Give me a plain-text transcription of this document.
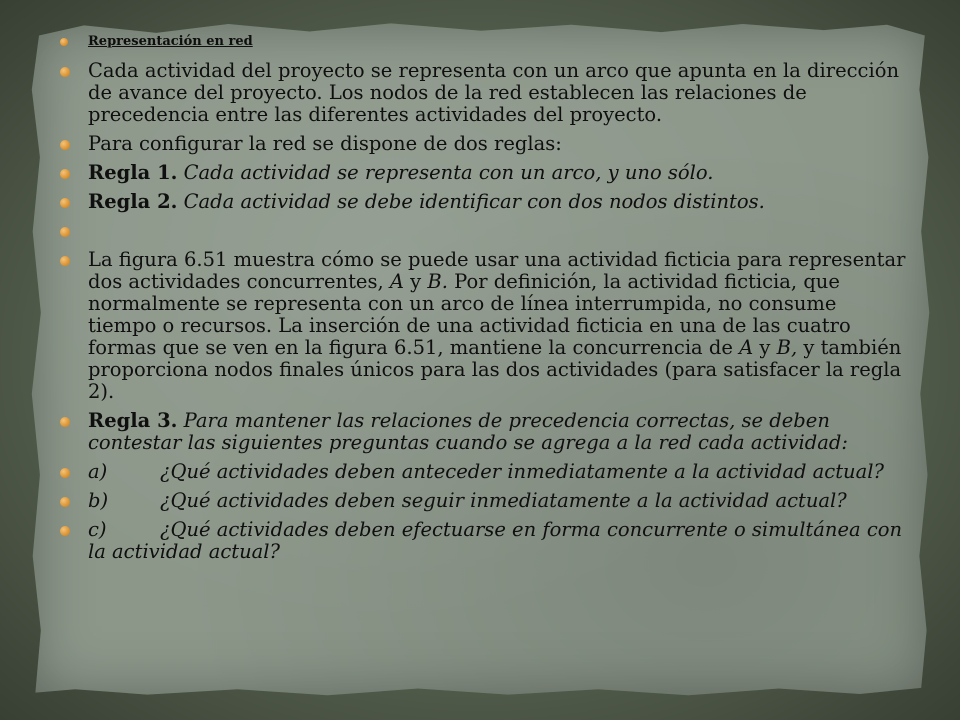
Representación en red
Cada actividad del proyecto se representa con un arco que apunta en la dirección de avance del proyecto. Los nodos de la red establecen las relaciones de precedencia entre las diferentes actividades del proyecto.
Para configurar la red se dispone de dos reglas:
Regla 1. Cada actividad se representa con un arco, y uno sólo.
Regla 2. Cada actividad se debe identificar con dos nodos distintos.
La figura 6.51 muestra cómo se puede usar una actividad ficticia para representar dos actividades concurrentes, A y B. Por definición, la actividad ficticia, que normalmente se representa con un arco de línea interrumpida, no consume tiempo o recursos. La inserción de una actividad ficticia en una de las cuatro formas que se ven en la figura 6.51, mantiene la concurrencia de A y B, y también proporciona nodos finales únicos para las dos actividades (para satisfacer la regla 2).
Regla 3. Para mantener las relaciones de precedencia correctas, se deben contestar las siguientes preguntas cuando se agrega a la red cada actividad:
a)	¿Qué actividades deben anteceder inmediatamente a la actividad actual?
b)	¿Qué actividades deben seguir inmediatamente a la actividad actual?
c)	¿Qué actividades deben efectuarse en forma concurrente o simultánea con la actividad actual?
